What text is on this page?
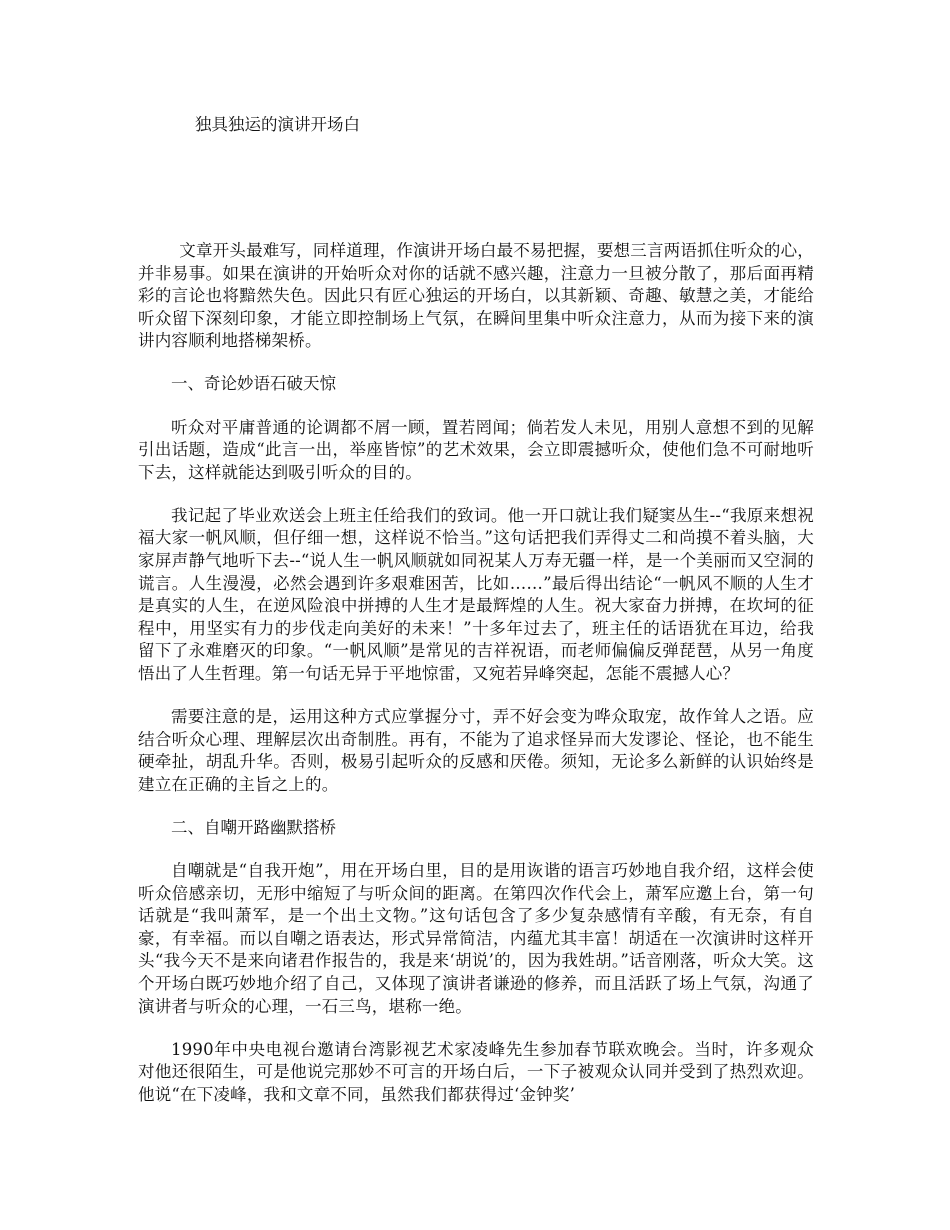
独具独运的演讲开场白

文章开头最难写，同样道理，作演讲开场白最不易把握，要想三言两语抓住听众的心，并非易事。如果在演讲的开始听众对你的话就不感兴趣，注意力一旦被分散了，那后面再精彩的言论也将黯然失色。因此只有匠心独运的开场白，以其新颖、奇趣、敏慧之美，才能给听众留下深刻印象，才能立即控制场上气氛，在瞬间里集中听众注意力，从而为接下来的演讲内容顺利地搭梯架桥。

一、奇论妙语石破天惊

听众对平庸普通的论调都不屑一顾，置若罔闻；倘若发人未见，用别人意想不到的见解引出话题，造成“此言一出，举座皆惊”的艺术效果，会立即震撼听众，使他们急不可耐地听下去，这样就能达到吸引听众的目的。

我记起了毕业欢送会上班主任给我们的致词。他一开口就让我们疑窦丛生--“我原来想祝福大家一帆风顺，但仔细一想，这样说不恰当。”这句话把我们弄得丈二和尚摸不着头脑，大家屏声静气地听下去--“说人生一帆风顺就如同祝某人万寿无疆一样，是一个美丽而又空洞的谎言。人生漫漫，必然会遇到许多艰难困苦，比如……”最后得出结论“一帆风不顺的人生才是真实的人生，在逆风险浪中拼搏的人生才是最辉煌的人生。祝大家奋力拼搏，在坎坷的征程中，用坚实有力的步伐走向美好的未来！”十多年过去了，班主任的话语犹在耳边，给我留下了永难磨灭的印象。“一帆风顺”是常见的吉祥祝语，而老师偏偏反弹琵琶，从另一角度悟出了人生哲理。第一句话无异于平地惊雷，又宛若异峰突起，怎能不震撼人心？

需要注意的是，运用这种方式应掌握分寸，弄不好会变为哗众取宠，故作耸人之语。应结合听众心理、理解层次出奇制胜。再有，不能为了追求怪异而大发谬论、怪论，也不能生硬牵扯，胡乱升华。否则，极易引起听众的反感和厌倦。须知，无论多么新鲜的认识始终是建立在正确的主旨之上的。

二、自嘲开路幽默搭桥

自嘲就是“自我开炮”，用在开场白里，目的是用诙谐的语言巧妙地自我介绍，这样会使听众倍感亲切，无形中缩短了与听众间的距离。在第四次作代会上，萧军应邀上台，第一句话就是“我叫萧军，是一个出土文物。”这句话包含了多少复杂感情有辛酸，有无奈，有自豪，有幸福。而以自嘲之语表达，形式异常简洁，内蕴尤其丰富！胡适在一次演讲时这样开头“我今天不是来向诸君作报告的，我是来‘胡说’的，因为我姓胡。”话音刚落，听众大笑。这个开场白既巧妙地介绍了自己，又体现了演讲者谦逊的修养，而且活跃了场上气氛，沟通了演讲者与听众的心理，一石三鸟，堪称一绝。

1990年中央电视台邀请台湾影视艺术家凌峰先生参加春节联欢晚会。当时，许多观众对他还很陌生，可是他说完那妙不可言的开场白后，一下子被观众认同并受到了热烈欢迎。他说“在下凌峰，我和文章不同，虽然我们都获得过‘金钟奖’
